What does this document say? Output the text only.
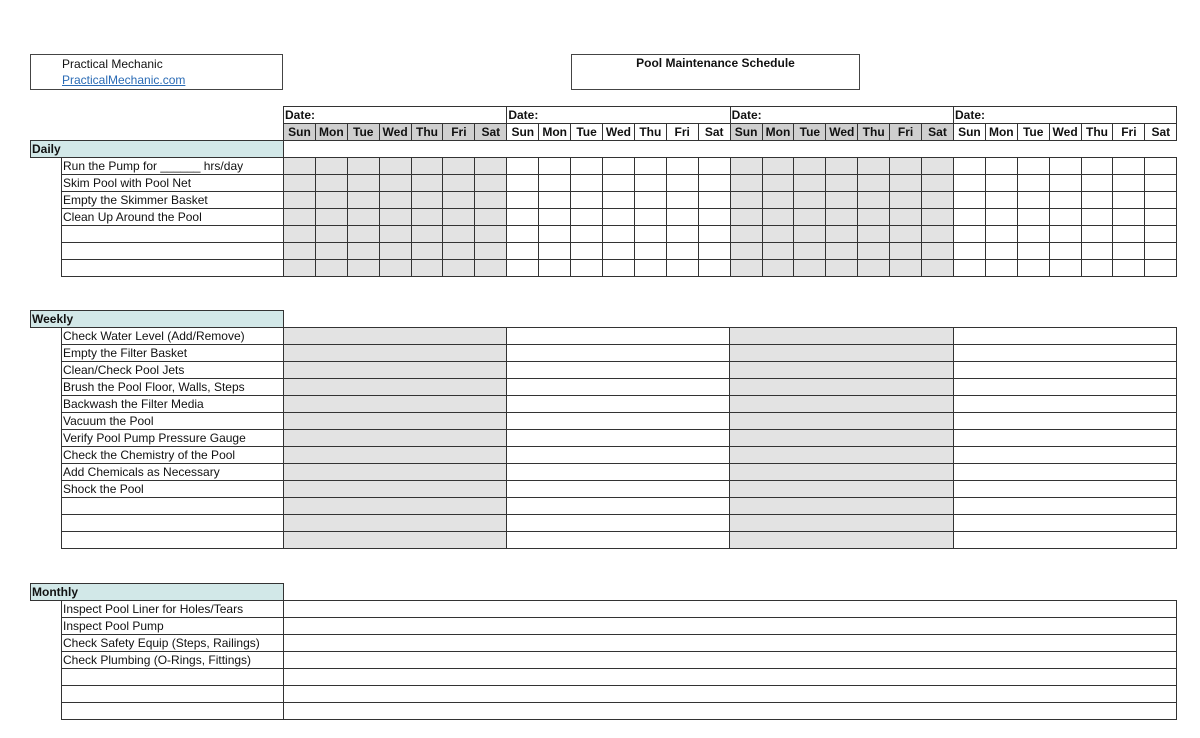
Practical Mechanic
PracticalMechanic.com
Pool Maintenance Schedule
		Date:							Date:							Date:							Date:						
		Sun	Mon	Tue	Wed	Thu	Fri	Sat	Sun	Mon	Tue	Wed	Thu	Fri	Sat	Sun	Mon	Tue	Wed	Thu	Fri	Sat	Sun	Mon	Tue	Wed	Thu	Fri	Sat
Daily																													
	Run the Pump for ______ hrs/day																												
	Skim Pool with Pool Net																												
	Empty the Skimmer Basket																												
	Clean Up Around the Pool																												

Weekly					
	Check Water Level (Add/Remove)				
	Empty the Filter Basket				
	Clean/Check Pool Jets				
	Brush the Pool Floor, Walls, Steps				
	Backwash the Filter Media				
	Vacuum the Pool				
	Verify Pool Pump Pressure Gauge				
	Check the Chemistry of the Pool				
	Add Chemicals as Necessary				
	Shock the Pool				

Monthly		
	Inspect Pool Liner for Holes/Tears	
	Inspect Pool Pump	
	Check Safety Equip (Steps, Railings)	
	Check Plumbing (O-Rings, Fittings)	
